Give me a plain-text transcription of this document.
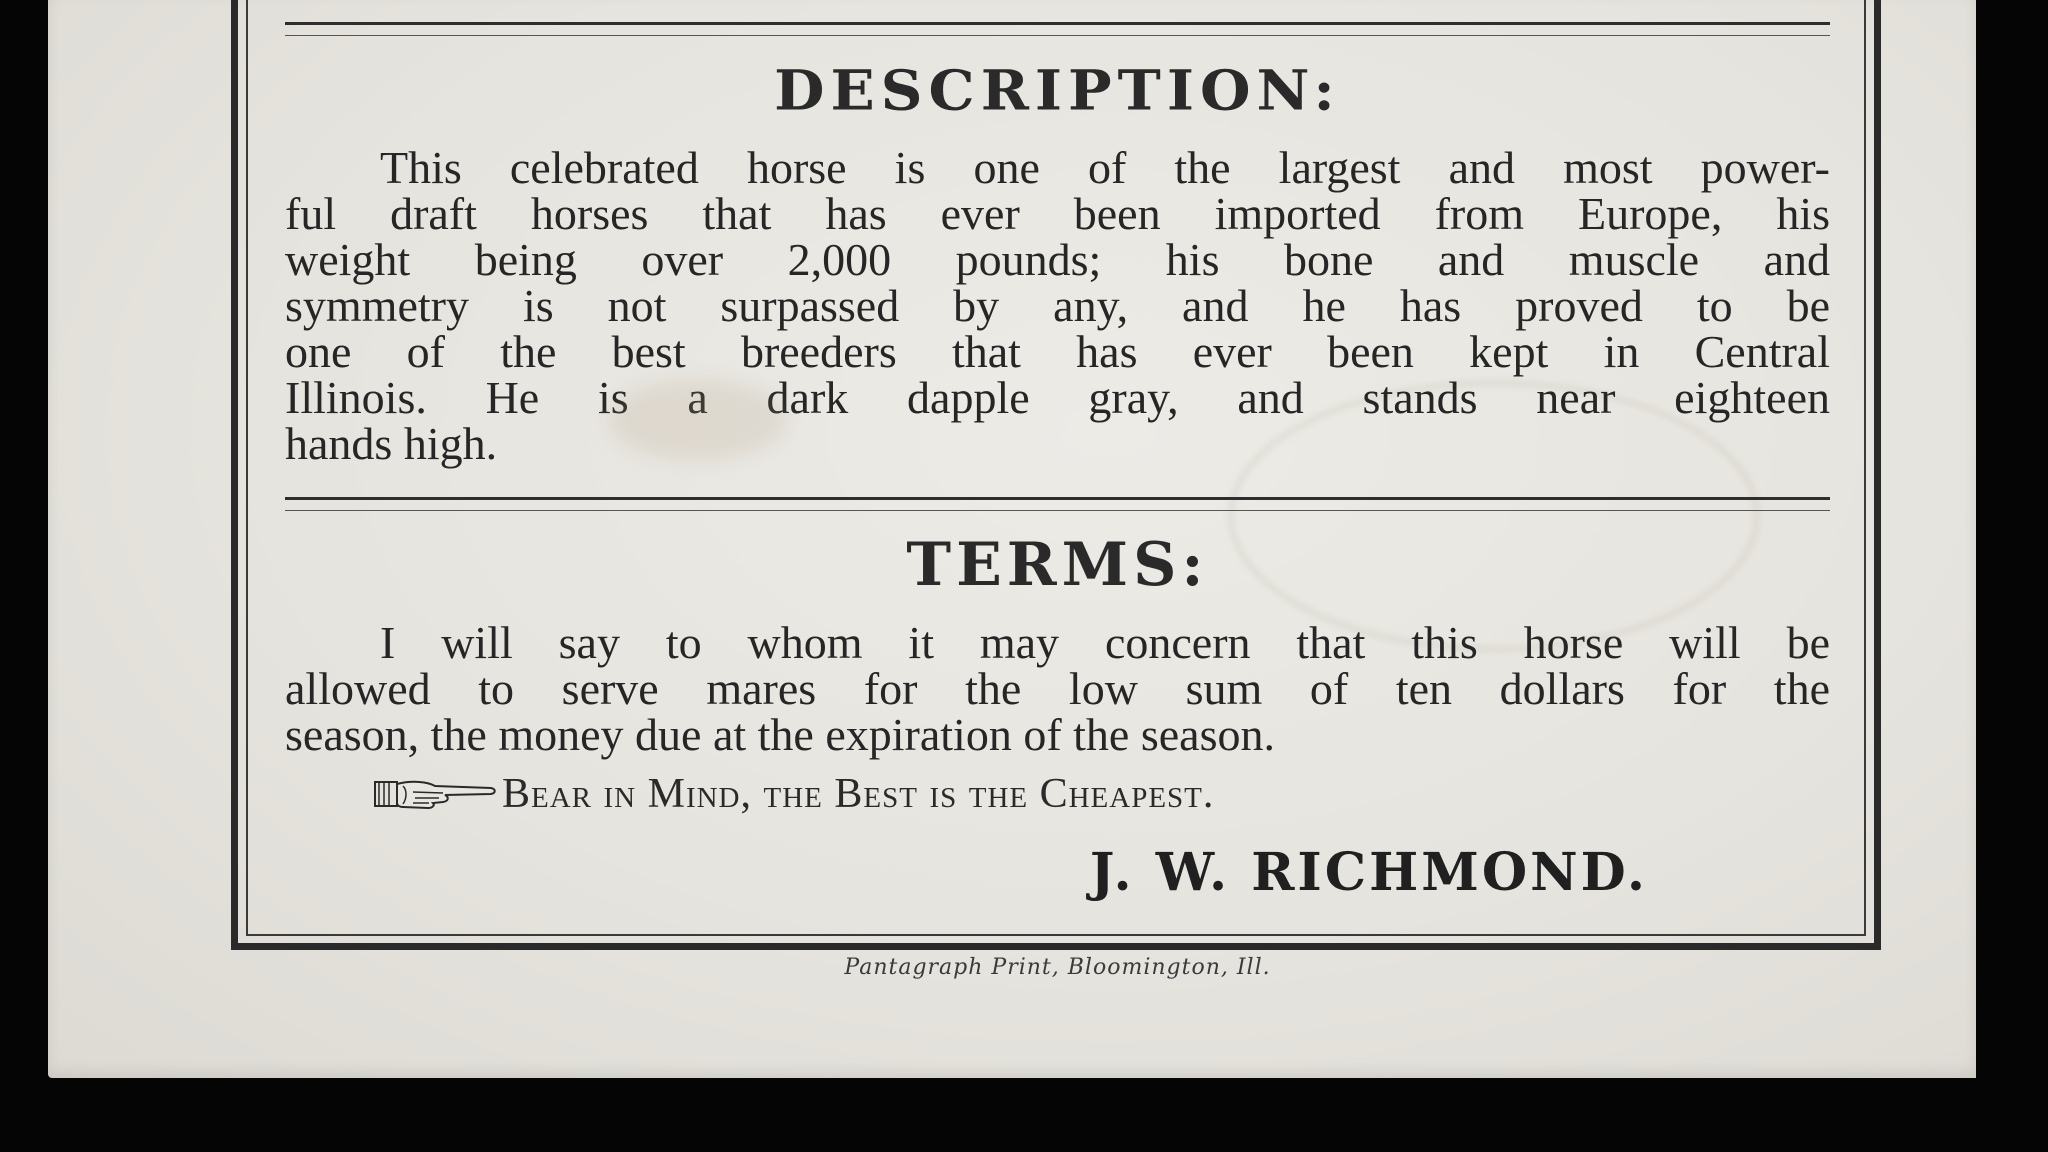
DESCRIPTION:
This celebrated horse is one of the largest and most power-
ful draft horses that has ever been imported from Europe, his
weight being over 2,000 pounds; his bone and muscle and
symmetry is not surpassed by any, and he has proved to be
one of the best breeders that has ever been kept in Central
Illinois. He is a dark dapple gray, and stands near eighteen
hands high.
TERMS:
I will say to whom it may concern that this horse will be
allowed to serve mares for the low sum of ten dollars for the
season, the money due at the expiration of the season.
Bear in Mind, the Best is the Cheapest.
J. W. RICHMOND.
Pantagraph Print, Bloomington, Ill.
